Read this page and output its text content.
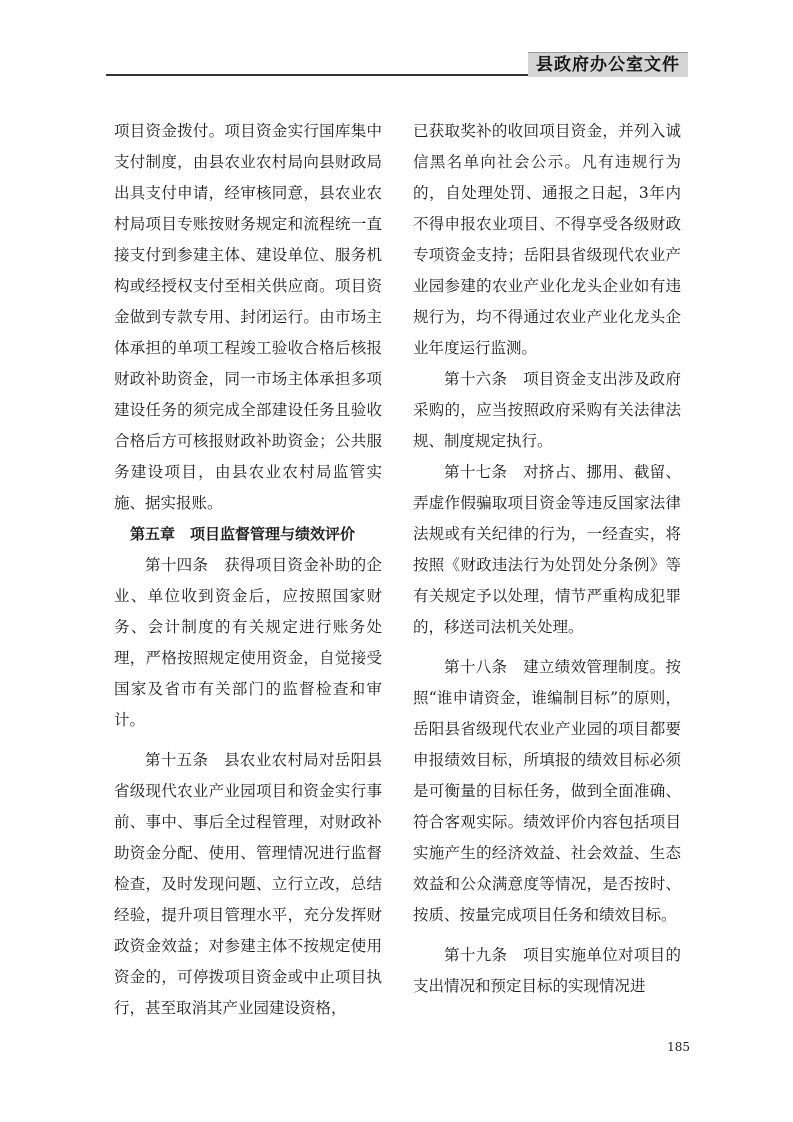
县政府办公室文件

项目资金拨付。项目资金实行国库集中支付制度，由县农业农村局向县财政局出具支付申请，经审核同意，县农业农村局项目专账按财务规定和流程统一直接支付到参建主体、建设单位、服务机构或经授权支付至相关供应商。项目资金做到专款专用、封闭运行。由市场主体承担的单项工程竣工验收合格后核报财政补助资金，同一市场主体承担多项建设任务的须完成全部建设任务且验收合格后方可核报财政补助资金；公共服务建设项目，由县农业农村局监管实施、据实报账。

第五章　项目监督管理与绩效评价

第十四条　获得项目资金补助的企业、单位收到资金后，应按照国家财务、会计制度的有关规定进行账务处理，严格按照规定使用资金，自觉接受国家及省市有关部门的监督检查和审计。

第十五条　县农业农村局对岳阳县省级现代农业产业园项目和资金实行事前、事中、事后全过程管理，对财政补助资金分配、使用、管理情况进行监督检查，及时发现问题、立行立改，总结经验，提升项目管理水平，充分发挥财政资金效益；对参建主体不按规定使用资金的，可停拨项目资金或中止项目执行，甚至取消其产业园建设资格，

已获取奖补的收回项目资金，并列入诚信黑名单向社会公示。凡有违规行为的，自处理处罚、通报之日起，3年内不得申报农业项目、不得享受各级财政专项资金支持；岳阳县省级现代农业产业园参建的农业产业化龙头企业如有违规行为，均不得通过农业产业化龙头企业年度运行监测。

第十六条　项目资金支出涉及政府采购的，应当按照政府采购有关法律法规、制度规定执行。

第十七条　对挤占、挪用、截留、弄虚作假骗取项目资金等违反国家法律法规或有关纪律的行为，一经查实，将按照《财政违法行为处罚处分条例》等有关规定予以处理，情节严重构成犯罪的，移送司法机关处理。

第十八条　建立绩效管理制度。按照“谁申请资金，谁编制目标”的原则，岳阳县省级现代农业产业园的项目都要申报绩效目标，所填报的绩效目标必须是可衡量的目标任务，做到全面准确、符合客观实际。绩效评价内容包括项目实施产生的经济效益、社会效益、生态效益和公众满意度等情况，是否按时、按质、按量完成项目任务和绩效目标。

第十九条　项目实施单位对项目的支出情况和预定目标的实现情况进

185
